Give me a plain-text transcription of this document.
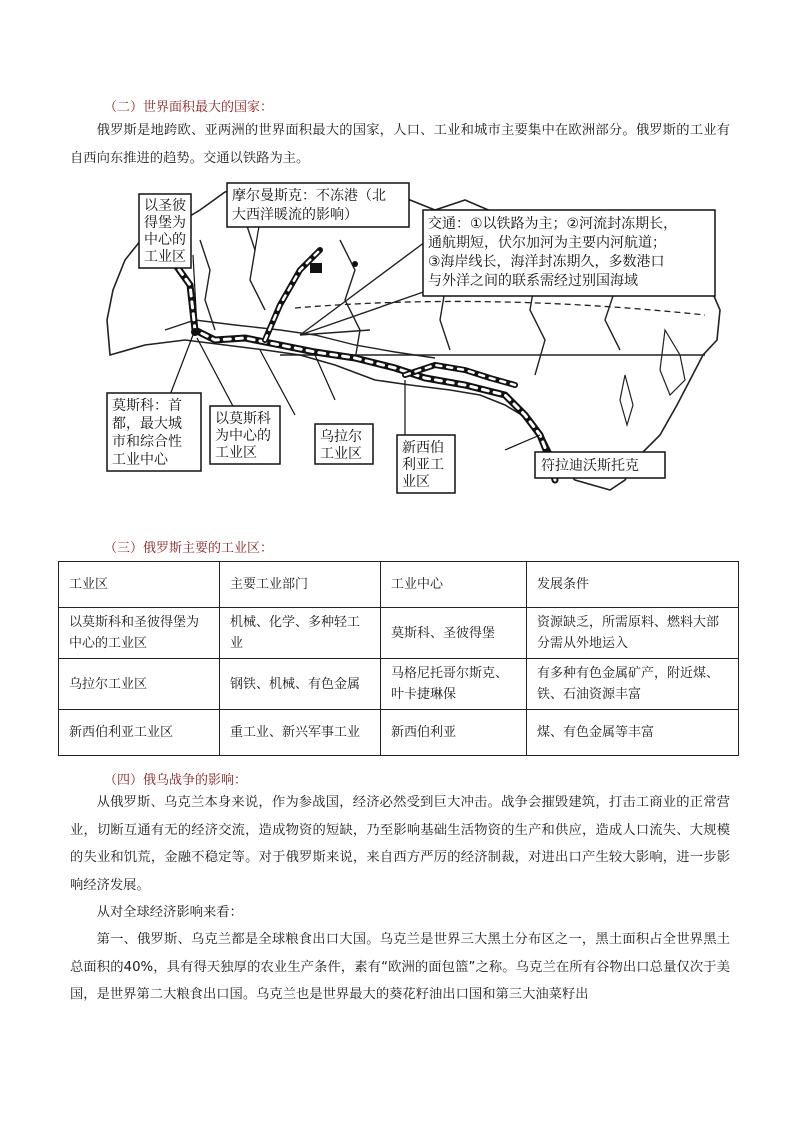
（二）世界面积最大的国家：

俄罗斯是地跨欧、亚两洲的世界面积最大的国家，人口、工业和城市主要集中在欧洲部分。俄罗斯的工业有自西向东推进的趋势。交通以铁路为主。

以圣彼
得堡为
中心的
工业区
摩尔曼斯克：不冻港（北
大西洋暖流的影响）
交通：①以铁路为主；②河流封冻期长，
通航期短，伏尔加河为主要内河航道；
③海岸线长，海洋封冻期久，多数港口
与外洋之间的联系需经过别国海域
莫斯科：首
都，最大城
市和综合性
工业中心
以莫斯科
为中心的
工业区
乌拉尔
工业区	新西伯
利亚工
业区
符拉迪沃斯托克
（三）俄罗斯主要的工业区：
工业区	主要工业部门	工业中心	发展条件
以莫斯科和圣彼得堡为中心的工业区	机械、化学、多种轻工业	莫斯科、圣彼得堡	资源缺乏，所需原料、燃料大部分需从外地运入
乌拉尔工业区	钢铁、机械、有色金属	马格尼托哥尔斯克、叶卡捷琳保	有多种有色金属矿产，附近煤、铁、石油资源丰富
新西伯利亚工业区	重工业、新兴军事工业	新西伯利亚	煤、有色金属等丰富
（四）俄乌战争的影响：

从俄罗斯、乌克兰本身来说，作为参战国，经济必然受到巨大冲击。战争会摧毁建筑，打击工商业的正常营业，切断互通有无的经济交流，造成物资的短缺，乃至影响基础生活物资的生产和供应，造成人口流失、大规模的失业和饥荒，金融不稳定等。对于俄罗斯来说，来自西方严厉的经济制裁，对进出口产生较大影响，进一步影响经济发展。

从对全球经济影响来看：

第一、俄罗斯、乌克兰都是全球粮食出口大国。乌克兰是世界三大黑土分布区之一，黑土面积占全世界黑土总面积的40%，具有得天独厚的农业生产条件，素有“欧洲的面包篮”之称。乌克兰在所有谷物出口总量仅次于美国，是世界第二大粮食出口国。乌克兰也是世界最大的葵花籽油出口国和第三大油菜籽出
